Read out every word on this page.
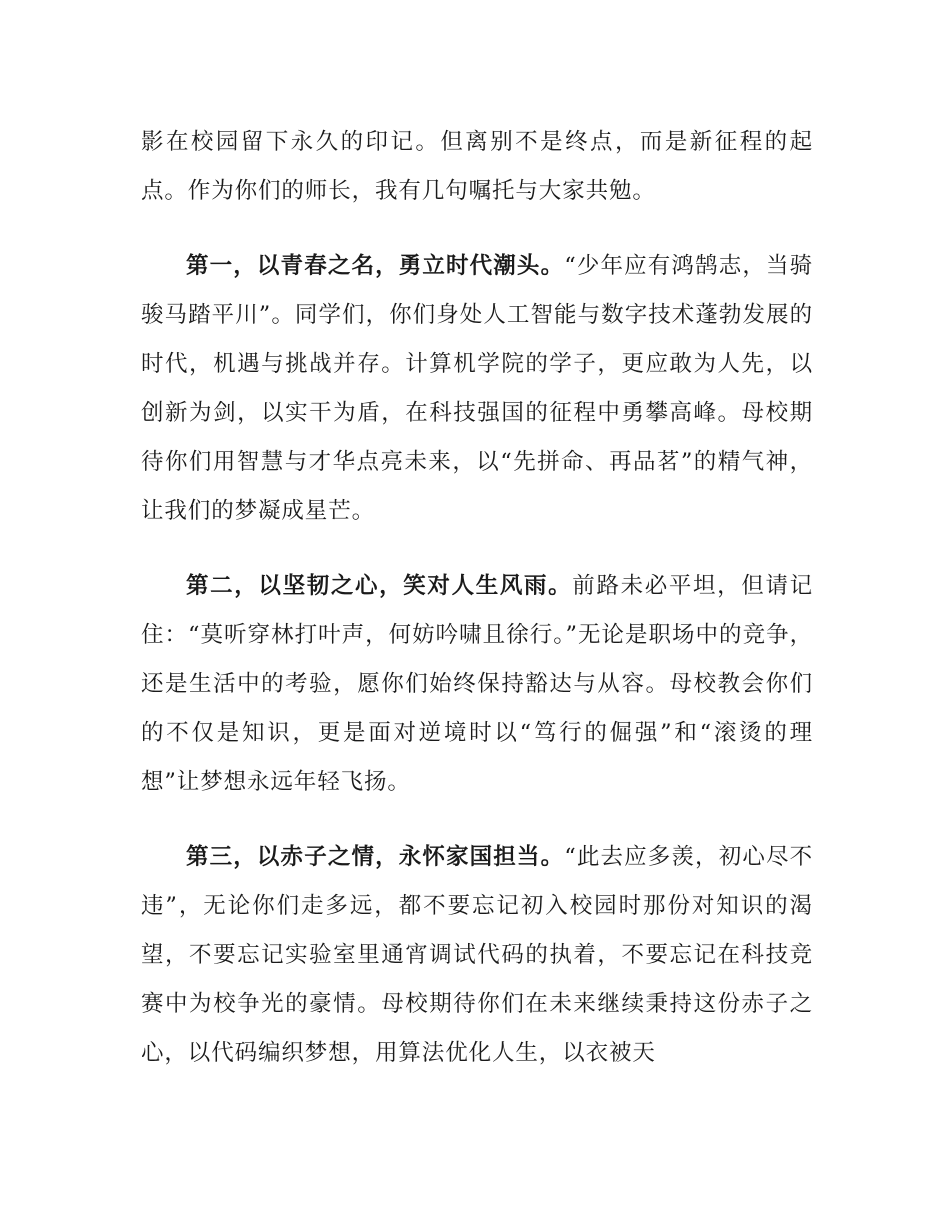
影在校园留下永久的印记。但离别不是终点，而是新征程的起点。作为你们的师长，我有几句嘱托与大家共勉。

第一，以青春之名，勇立时代潮头。“少年应有鸿鹄志，当骑骏马踏平川”。同学们，你们身处人工智能与数字技术蓬勃发展的时代，机遇与挑战并存。计算机学院的学子，更应敢为人先，以创新为剑，以实干为盾，在科技强国的征程中勇攀高峰。母校期待你们用智慧与才华点亮未来，以“先拼命、再品茗”的精气神，让我们的梦凝成星芒。

第二，以坚韧之心，笑对人生风雨。前路未必平坦，但请记住：“莫听穿林打叶声，何妨吟啸且徐行。”无论是职场中的竞争，还是生活中的考验，愿你们始终保持豁达与从容。母校教会你们的不仅是知识，更是面对逆境时以“笃行的倔强”和“滚烫的理想”让梦想永远年轻飞扬。

第三，以赤子之情，永怀家国担当。“此去应多羡，初心尽不违”，无论你们走多远，都不要忘记初入校园时那份对知识的渴望，不要忘记实验室里通宵调试代码的执着，不要忘记在科技竞赛中为校争光的豪情。母校期待你们在未来继续秉持这份赤子之心，以代码编织梦想，用算法优化人生，以衣被天
